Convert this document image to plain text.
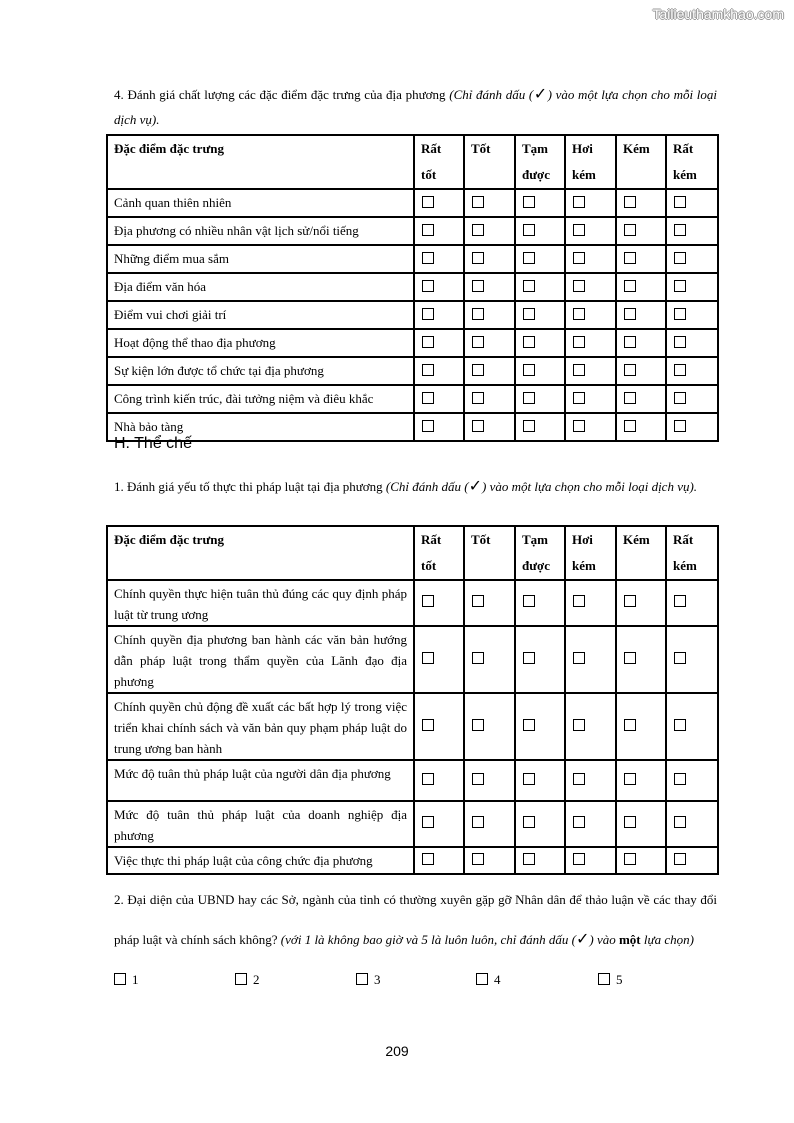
Tailieuthamkhao.com
4. Đánh giá chất lượng các đặc điểm đặc trưng của địa phương (Chỉ đánh dấu (✓) vào một lựa chọn cho mỗi loại dịch vụ).
Đặc điểm đặc trưng	Rất tốt	Tốt	Tạm được	Hơi kém	Kém	Rất kém
Cảnh quan thiên nhiên						
Địa phương có nhiều nhân vật lịch sử/nổi tiếng						
Những điểm mua sắm						
Địa điểm văn hóa						
Điểm vui chơi giải trí						
Hoạt động thể thao địa phương						
Sự kiện lớn được tổ chức tại địa phương						
Công trình kiến trúc, đài tưởng niệm và điêu khắc						
Nhà bảo tàng						
H. Thể chế
1. Đánh giá yếu tố thực thi pháp luật tại địa phương (Chỉ đánh dấu (✓) vào một lựa chọn cho mỗi loại dịch vụ).
Đặc điểm đặc trưng	Rất tốt	Tốt	Tạm được	Hơi kém	Kém	Rất kém
Chính quyền thực hiện tuân thủ đúng các quy định pháp luật từ trung ương						
Chính quyền địa phương ban hành các văn bản hướng dẫn pháp luật trong thẩm quyền của Lãnh đạo địa phương						
Chính quyền chủ động đề xuất các bất hợp lý trong việc triển khai chính sách và văn bản quy phạm pháp luật do trung ương ban hành						
Mức độ tuân thủ pháp luật của người dân địa phương						
Mức độ tuân thủ pháp luật của doanh nghiệp địa phương						
Việc thực thi pháp luật của công chức địa phương						
2. Đại diện của UBND hay các Sở, ngành của tỉnh có thường xuyên gặp gỡ Nhân dân để thảo luận về các thay đổi pháp luật và chính sách không? (với 1 là không bao giờ và 5 là luôn luôn, chỉ đánh dấu (✓) vào một lựa chọn)
1	2	3	4	5
209
